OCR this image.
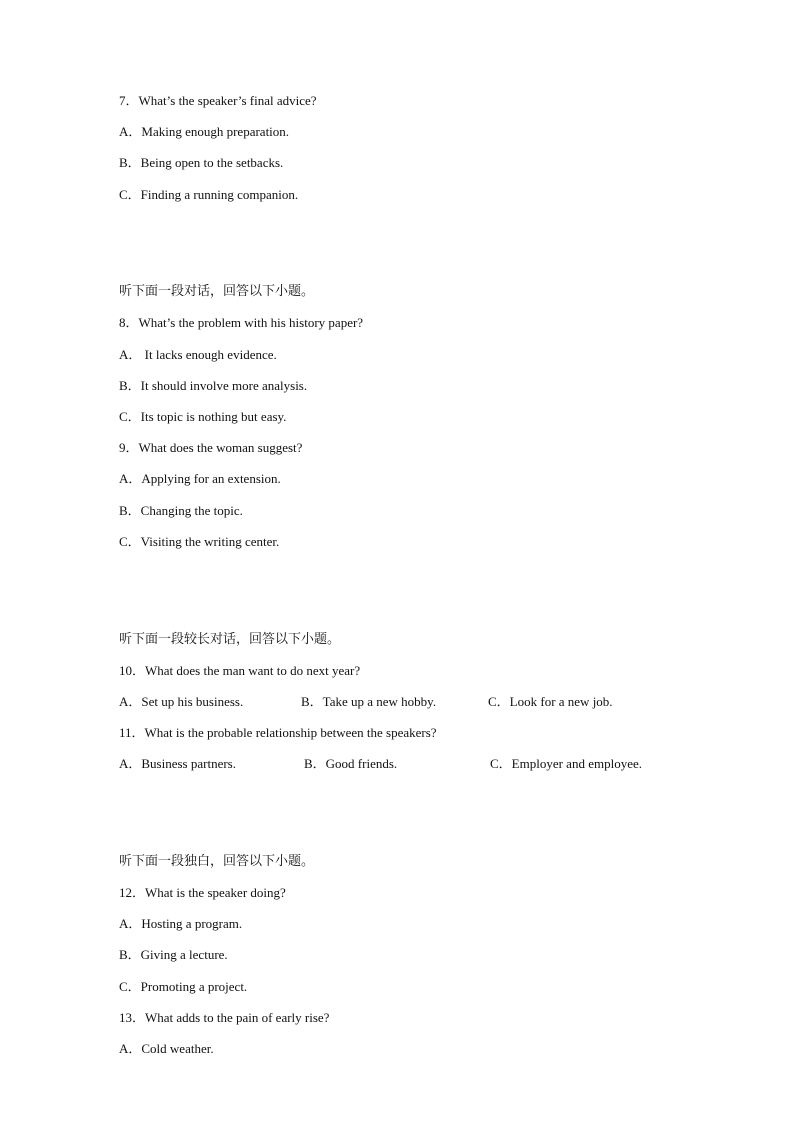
7．What’s the speaker’s final advice?
A．Making enough preparation.
B．Being open to the setbacks.
C．Finding a running companion.
听下面一段对话，回答以下小题。
8．What’s the problem with his history paper?
A． It lacks enough evidence.
B．It should involve more analysis.
C．Its topic is nothing but easy.
9．What does the woman suggest?
A．Applying for an extension.
B．Changing the topic.
C．Visiting the writing center.
听下面一段较长对话，回答以下小题。
10．What does the man want to do next year?
A．Set up his business.	B．Take up a new hobby.	C．Look for a new job.
11．What is the probable relationship between the speakers?
A．Business partners.	B．Good friends.	C．Employer and employee.
听下面一段独白，回答以下小题。
12．What is the speaker doing?
A．Hosting a program.
B．Giving a lecture.
C．Promoting a project.
13．What adds to the pain of early rise?
A．Cold weather.
